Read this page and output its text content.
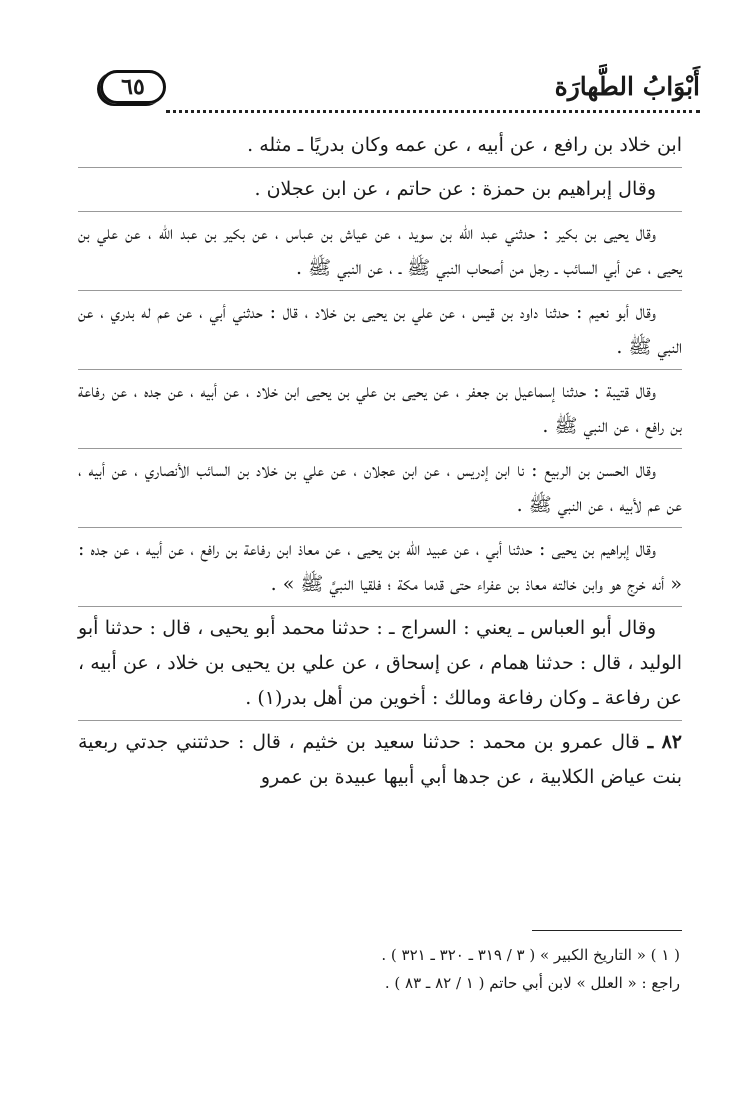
٦٥	أَبْوَابُ الطَّهارَة

ابن خلاد بن رافع ، عن أبيه ، عن عمه وكان بدريًا ـ مثله .

وقال إبراهيم بن حمزة : عن حاتم ، عن ابن عجلان .

وقال يحيى بن بكير : حدثني عبد الله بن سويد ، عن عياش بن عباس ، عن بكير بن عبد الله ، عن علي بن يحيى ، عن أبي السائب ـ رجل من أصحاب النبي ﷺ ـ ، عن النبي ﷺ .

وقال أبو نعيم : حدثنا داود بن قيس ، عن علي بن يحيى بن خلاد ، قال : حدثني أبي ، عن عم له بدري ، عن النبي ﷺ .

وقال قتيبة : حدثنا إسماعيل بن جعفر ، عن يحيى بن علي بن يحيى ابن خلاد ، عن أبيه ، عن جده ، عن رفاعة بن رافع ، عن النبي ﷺ .

وقال الحسن بن الربيع : نا ابن إدريس ، عن ابن عجلان ، عن علي بن خلاد بن السائب الأنصاري ، عن أبيه ، عن عم لأبيه ، عن النبي ﷺ .

وقال إبراهيم بن يحيى : حدثنا أبي ، عن عبيد الله بن يحيى ، عن معاذ ابن رفاعة بن رافع ، عن أبيه ، عن جده : « أنه خرج هو وابن خالته معاذ بن عفراء حتى قدما مكة ؛ فلقيا النبيَّ ﷺ » .

وقال أبو العباس ـ يعني : السراج ـ : حدثنا محمد أبو يحيى ، قال : حدثنا أبو الوليد ، قال : حدثنا همام ، عن إسحاق ، عن علي بن يحيى بن خلاد ، عن أبيه ، عن رفاعة ـ وكان رفاعة ومالك : أخوين من أهل بدر(١) .

٨٢ ـ قال عمرو بن محمد : حدثنا سعيد بن خثيم ، قال : حدثتني جدتي ربعية بنت عياض الكلابية ، عن جدها أبي أبيها عبيدة بن عمرو

( ١ ) « التاريخ الكبير » ( ٣ / ٣١٩ ـ ٣٢٠ ـ ٣٢١ ) .

راجع : « العلل » لابن أبي حاتم ( ١ / ٨٢ ـ ٨٣ ) .
